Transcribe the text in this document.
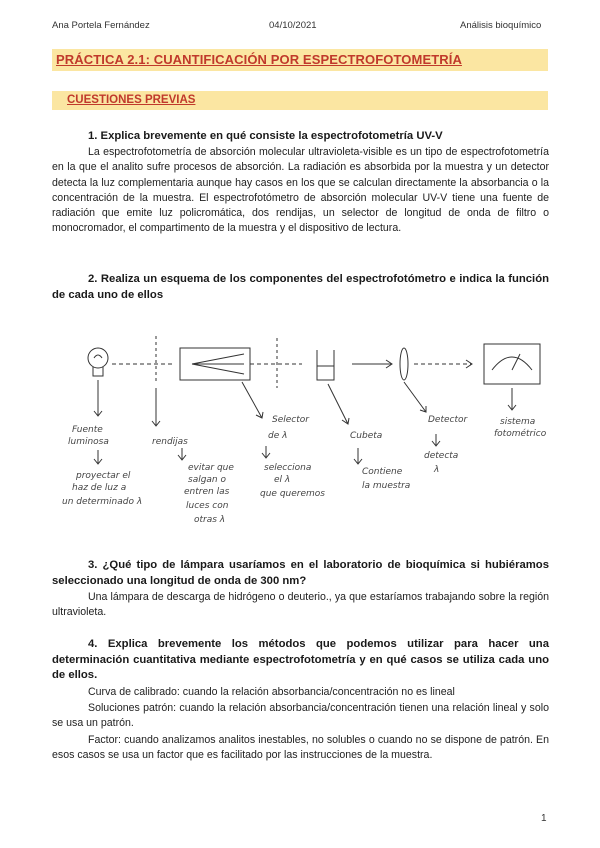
Ana Portela Fernández	04/10/2021	Análisis bioquímico
PRÁCTICA 2.1: CUANTIFICACIÓN POR ESPECTROFOTOMETRÍA
CUESTIONES PREVIAS
1. Explica brevemente en qué consiste la espectrofotometría UV-V
La espectrofotometría de absorción molecular ultravioleta-visible es un tipo de espectrofotometría en la que el analito sufre procesos de absorción. La radiación es absorbida por la muestra y un detector detecta la luz complementaria aunque hay casos en los que se calculan directamente la absorbancia o la concentración de la muestra. El espectrofotómetro de absorción molecular UV-V tiene una fuente de radiación que emite luz policromática, dos rendijas, un selector de longitud de onda de filtro o monocromador, el compartimento de la muestra y el dispositivo de lectura.
2. Realiza un esquema de los componentes del espectrofotómetro e indica la función de cada uno de ellos
Fuente luminosa
proyectar el haz de luz a un determinado λ
rendijas
evitar que salgan o entren las luces con otras λ
Selector de λ
selecciona el λ que queremos
Cubeta
Contiene la muestra
Detector
detecta λ
sistema fotométrico
3. ¿Qué tipo de lámpara usaríamos en el laboratorio de bioquímica si hubiéramos seleccionado una longitud de onda de 300 nm?
Una lámpara de descarga de hidrógeno o deuterio., ya que estaríamos trabajando sobre la región ultravioleta.
4. Explica brevemente los métodos que podemos utilizar para hacer una determinación cuantitativa mediante espectrofotometría y en qué casos se utiliza cada uno de ellos.
Curva de calibrado: cuando la relación absorbancia/concentración no es lineal
Soluciones patrón: cuando la relación absorbancia/concentración tienen una relación lineal y solo se usa un patrón.
Factor: cuando analizamos analitos inestables, no solubles o cuando no se dispone de patrón. En esos casos se usa un factor que es facilitado por las instrucciones de la muestra.
1
